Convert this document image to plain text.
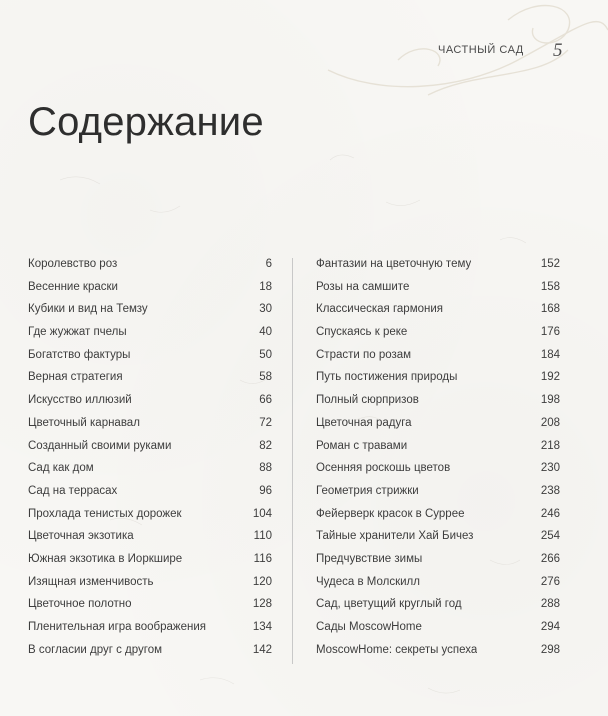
ЧАСТНЫЙ САД 5
Содержание
Королевство роз	6
Весенние краски	18
Кубики и вид на Темзу	30
Где жужжат пчелы	40
Богатство фактуры	50
Верная стратегия	58
Искусство иллюзий	66
Цветочный карнавал	72
Созданный своими руками	82
Сад как дом	88
Сад на террасах	96
Прохлада тенистых дорожек	104
Цветочная экзотика	110
Южная экзотика в Йоркшире	116
Изящная изменчивость	120
Цветочное полотно	128
Пленительная игра воображения	134
В согласии друг с другом	142
Фантазии на цветочную тему	152
Розы на самшите	158
Классическая гармония	168
Спускаясь к реке	176
Страсти по розам	184
Путь постижения природы	192
Полный сюрпризов	198
Цветочная радуга	208
Роман с травами	218
Осенняя роскошь цветов	230
Геометрия стрижки	238
Фейерверк красок в Суррее	246
Тайные хранители Хай Бичез	254
Предчувствие зимы	266
Чудеса в Молскилл	276
Сад, цветущий круглый год	288
Сады MoscowHome	294
MoscowHome: секреты успеха	298
